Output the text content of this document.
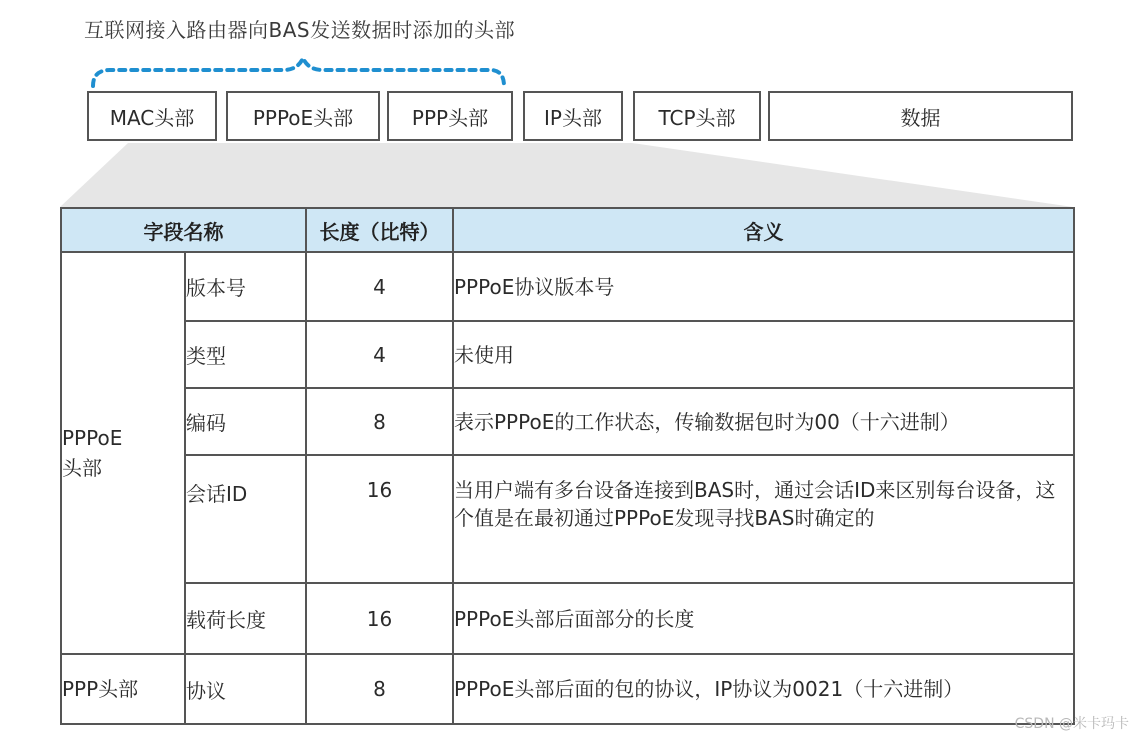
互联网接入路由器向BAS发送数据时添加的头部
MAC头部	PPPoE头部	PPP头部	IP头部	TCP头部	数据
字段名称		长度（比特）	含义
PPPoE 头部	版本号	4	PPPoE协议版本号
	类型	4	未使用
	编码	8	表示PPPoE的工作状态，传输数据包时为00（十六进制）
	会话ID	16	当用户端有多台设备连接到BAS时，通过会话ID来区别每台设备，这个值是在最初通过PPPoE发现寻找BAS时确定的
	载荷长度	16	PPPoE头部后面部分的长度
PPP头部	协议	8	PPPoE头部后面的包的协议，IP协议为0021（十六进制）
CSDN @米卡玛卡
